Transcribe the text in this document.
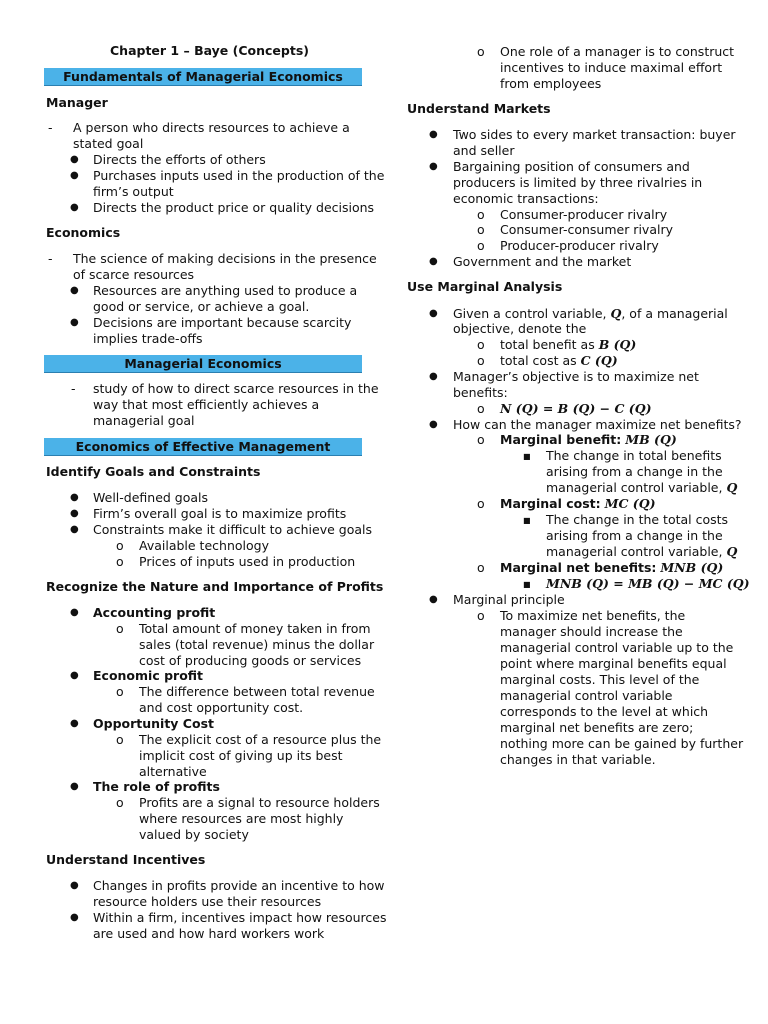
Chapter 1 – Baye (Concepts)
Fundamentals of Managerial Economics
Manager
- A person who directs resources to achieve a
stated goal
● Directs the efforts of others
● Purchases inputs used in the production of the
firm’s output
● Directs the product price or quality decisions
Economics
- The science of making decisions in the presence
of scarce resources
● Resources are anything used to produce a
good or service, or achieve a goal.
● Decisions are important because scarcity
implies trade-offs
Managerial Economics
- study of how to direct scarce resources in the
way that most efficiently achieves a
managerial goal
Economics of Effective Management
Identify Goals and Constraints
● Well-defined goals
● Firm’s overall goal is to maximize profits
● Constraints make it difficult to achieve goals
o Available technology
o Prices of inputs used in production
Recognize the Nature and Importance of Profits
● Accounting profit
o Total amount of money taken in from
sales (total revenue) minus the dollar
cost of producing goods or services
● Economic profit
o The difference between total revenue
and cost opportunity cost.
● Opportunity Cost
o The explicit cost of a resource plus the
implicit cost of giving up its best
alternative
● The role of profits
o Profits are a signal to resource holders
where resources are most highly
valued by society
Understand Incentives
● Changes in profits provide an incentive to how
resource holders use their resources
● Within a firm, incentives impact how resources
are used and how hard workers work
o One role of a manager is to construct
incentives to induce maximal effort
from employees
Understand Markets
● Two sides to every market transaction: buyer
and seller
● Bargaining position of consumers and
producers is limited by three rivalries in
economic transactions:
o Consumer-producer rivalry
o Consumer-consumer rivalry
o Producer-producer rivalry
● Government and the market
Use Marginal Analysis
● Given a control variable, Q, of a managerial
objective, denote the
o total benefit as B (Q)
o total cost as C (Q)
● Manager’s objective is to maximize net
benefits:
o N (Q) = B (Q) − C (Q)
● How can the manager maximize net benefits?
o Marginal benefit: MB (Q)
■ The change in total benefits
arising from a change in the
managerial control variable, Q
o Marginal cost: MC (Q)
■ The change in the total costs
arising from a change in the
managerial control variable, Q
o Marginal net benefits: MNB (Q)
■ MNB (Q) = MB (Q) − MC (Q)
● Marginal principle
o To maximize net benefits, the
manager should increase the
managerial control variable up to the
point where marginal benefits equal
marginal costs. This level of the
managerial control variable
corresponds to the level at which
marginal net benefits are zero;
nothing more can be gained by further
changes in that variable.
